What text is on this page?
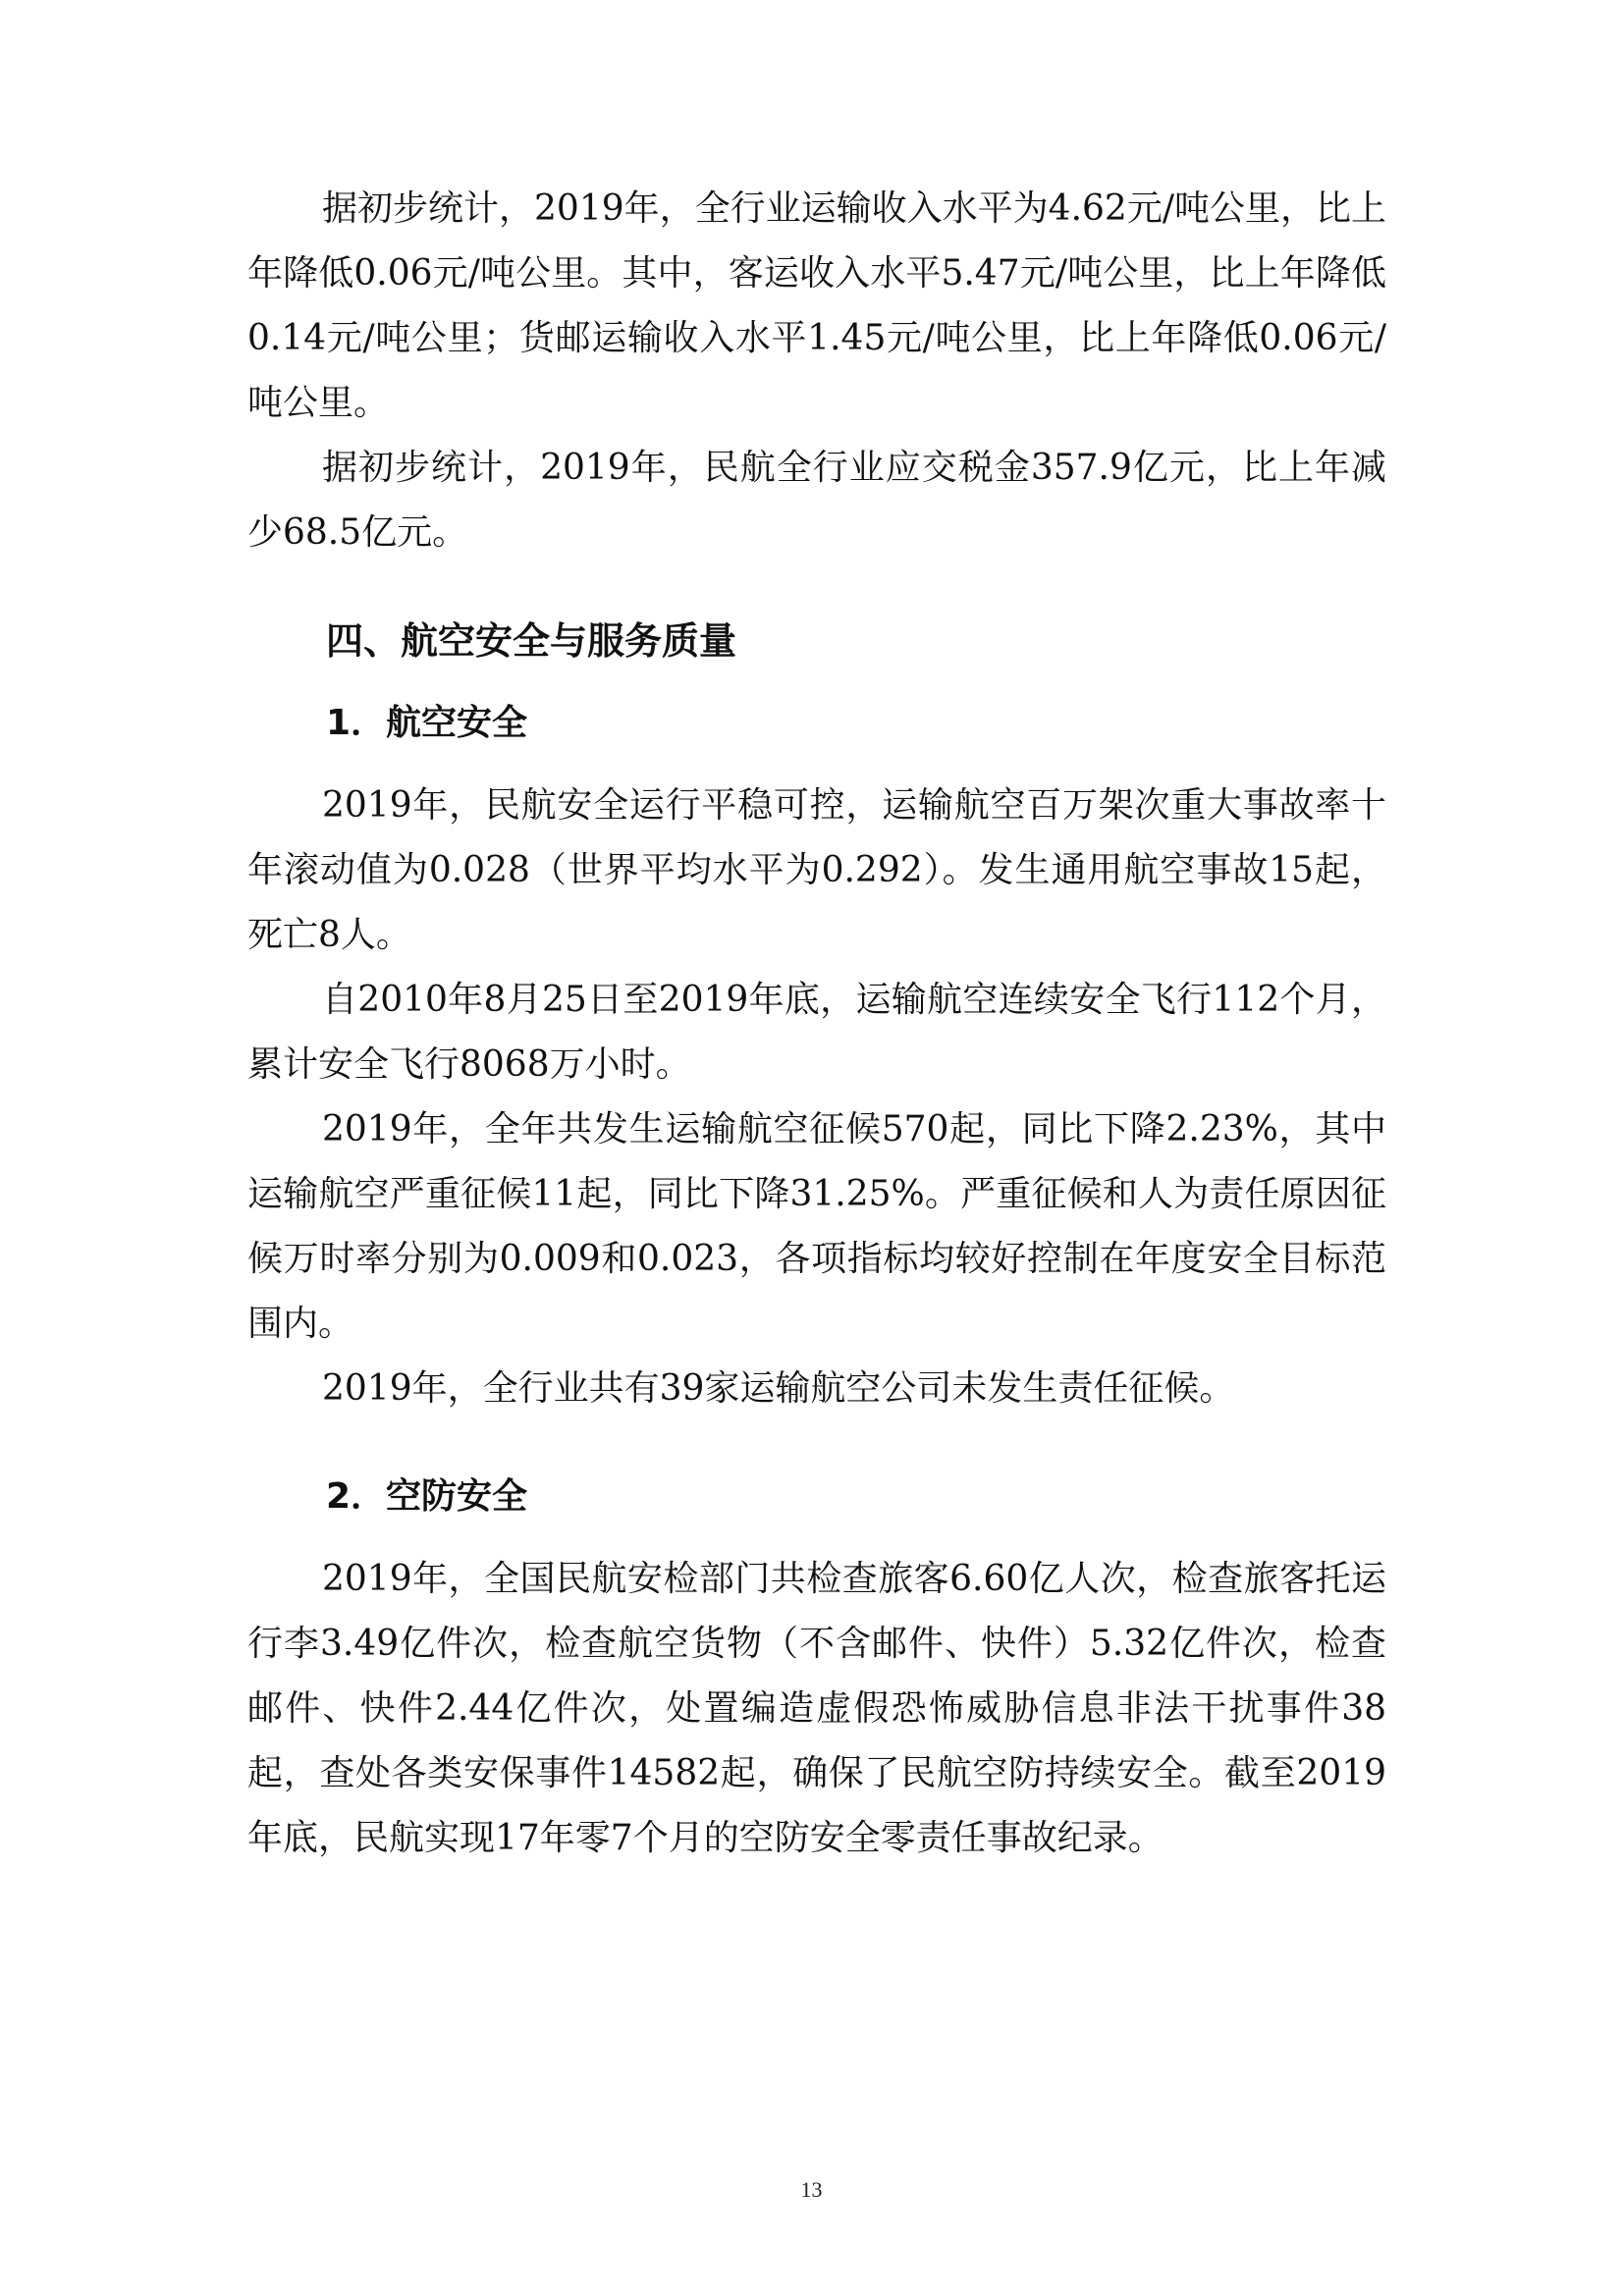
据初步统计，2019年，全行业运输收入水平为4.62元/吨公里，比上年降低0.06元/吨公里。其中，客运收入水平5.47元/吨公里，比上年降低0.14元/吨公里；货邮运输收入水平1.45元/吨公里，比上年降低0.06元/吨公里。

据初步统计，2019年，民航全行业应交税金357.9亿元，比上年减少68.5亿元。

四、航空安全与服务质量
1．航空安全

2019年，民航安全运行平稳可控，运输航空百万架次重大事故率十年滚动值为0.028（世界平均水平为0.292）。发生通用航空事故15起，死亡8人。

自2010年8月25日至2019年底，运输航空连续安全飞行112个月，累计安全飞行8068万小时。

2019年，全年共发生运输航空征候570起，同比下降2.23%，其中运输航空严重征候11起，同比下降31.25%。严重征候和人为责任原因征候万时率分别为0.009和0.023，各项指标均较好控制在年度安全目标范围内。

2019年，全行业共有39家运输航空公司未发生责任征候。

2．空防安全

2019年，全国民航安检部门共检查旅客6.60亿人次，检查旅客托运行李3.49亿件次，检查航空货物（不含邮件、快件）5.32亿件次，检查邮件、快件2.44亿件次，处置编造虚假恐怖威胁信息非法干扰事件38起，查处各类安保事件14582起，确保了民航空防持续安全。截至2019年底，民航实现17年零7个月的空防安全零责任事故纪录。

13
